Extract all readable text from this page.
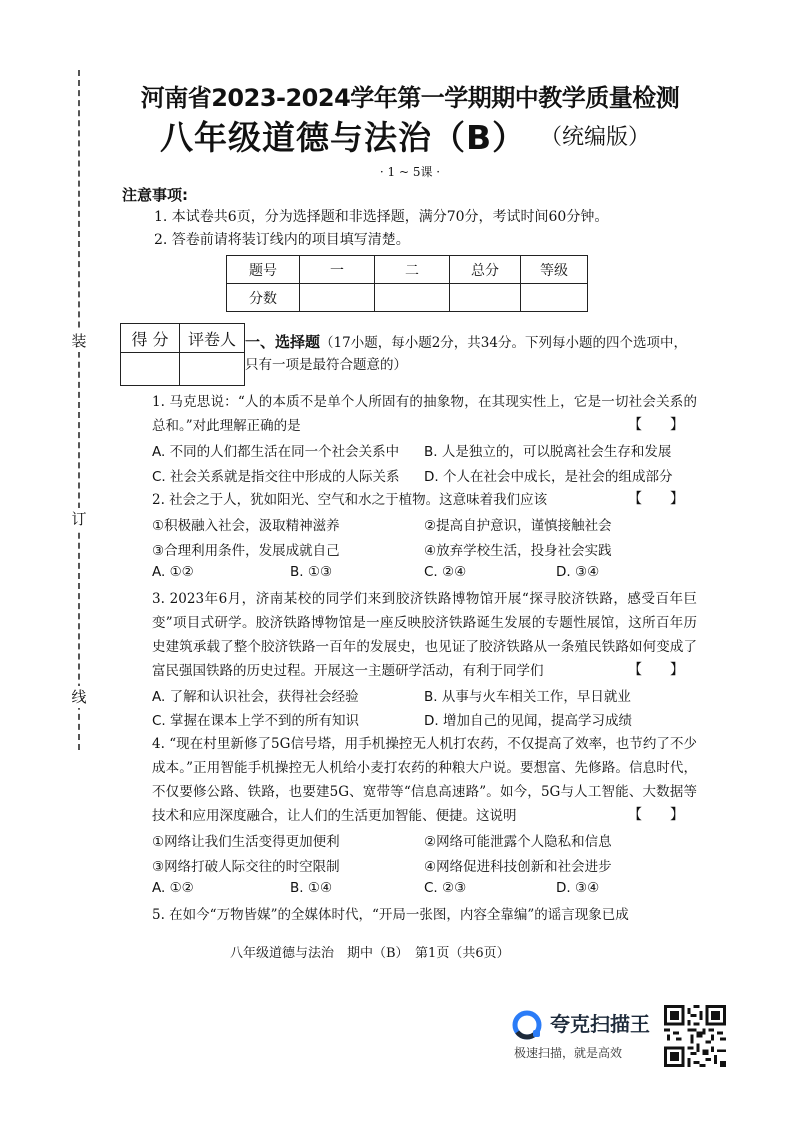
装
订
线
河南省2023-2024学年第一学期期中教学质量检测
八年级道德与法治（B） （统编版）
· 1 ~ 5课 ·
注意事项:
1. 本试卷共6页，分为选择题和非选择题，满分70分，考试时间60分钟。
2. 答卷前请将装订线内的项目填写清楚。
题号	一	二	总分	等级
分数				
得 分	评卷人
	一、选择题（17小题，每小题2分，共34分。下列每小题的四个选项中，只有一项是最符合题意的）
1. 马克思说：“人的本质不是单个人所固有的抽象物，在其现实性上，它是一切社会关系的总和。”对此理解正确的是	【　　】
A. 不同的人们都生活在同一个社会关系中 B. 人是独立的，可以脱离社会生存和发展
C. 社会关系就是指交往中形成的人际关系 D. 个人在社会中成长，是社会的组成部分
2. 社会之于人，犹如阳光、空气和水之于植物。这意味着我们应该	【　　】
①积极融入社会，汲取精神滋养	②提高自护意识，谨慎接触社会
③合理利用条件，发展成就自己	④放弃学校生活，投身社会实践
A. ①②	B. ①③	C. ②④	D. ③④
3. 2023年6月，济南某校的同学们来到胶济铁路博物馆开展“探寻胶济铁路，感受百年巨变”项目式研学。胶济铁路博物馆是一座反映胶济铁路诞生发展的专题性展馆，这所百年历史建筑承载了整个胶济铁路一百年的发展史，也见证了胶济铁路从一条殖民铁路如何变成了富民强国铁路的历史过程。开展这一主题研学活动，有利于同学们	【　　】
A. 了解和认识社会，获得社会经验	B. 从事与火车相关工作，早日就业
C. 掌握在课本上学不到的所有知识	D. 增加自己的见闻，提高学习成绩
4. “现在村里新修了5G信号塔，用手机操控无人机打农药，不仅提高了效率，也节约了不少成本。”正用智能手机操控无人机给小麦打农药的种粮大户说。要想富、先修路。信息时代，不仅要修公路、铁路，也要建5G、宽带等“信息高速路”。如今，5G与人工智能、大数据等技术和应用深度融合，让人们的生活更加智能、便捷。这说明	【　　】
①网络让我们生活变得更加便利	②网络可能泄露个人隐私和信息
③网络打破人际交往的时空限制	④网络促进科技创新和社会进步
A. ①②	B. ①④	C. ②③	D. ③④
5. 在如今“万物皆媒”的全媒体时代，“开局一张图，内容全靠编”的谣言现象已成
八年级道德与法治　期中（B）　第1页（共6页）
夸克扫描王
极速扫描，就是高效
